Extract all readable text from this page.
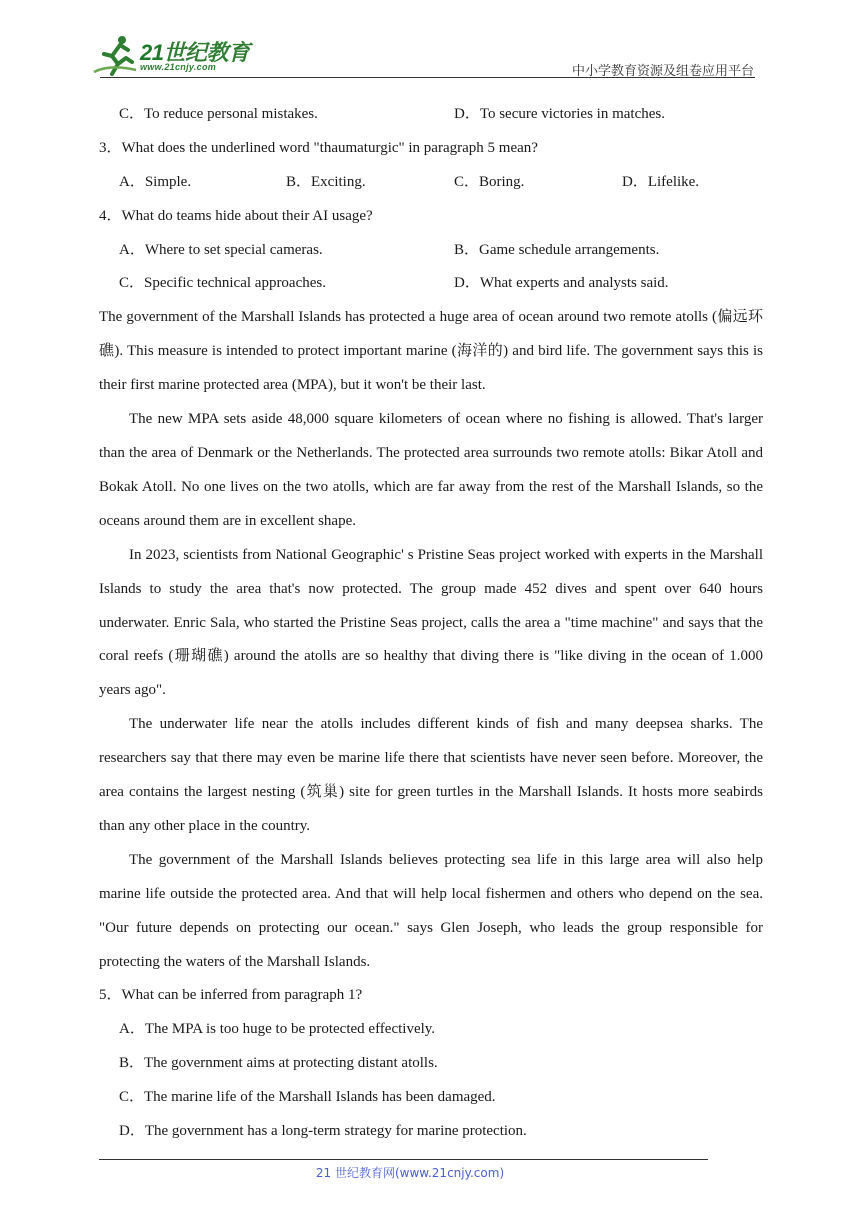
21世纪教育
www.21cnjy.com	中小学教育资源及组卷应用平台
C．To reduce personal mistakes.	D．To secure victories in matches.
3．What does the underlined word "thaumaturgic" in paragraph 5 mean?
A．Simple.	B．Exciting.	C．Boring.	D．Lifelike.
4．What do teams hide about their AI usage?
A．Where to set special cameras.	B．Game schedule arrangements.
C．Specific technical approaches.	D．What experts and analysts said.
The government of the Marshall Islands has protected a huge area of ocean around two remote atolls (偏远环礁). This measure is intended to protect important marine (海洋的) and bird life. The government says this is their first marine protected area (MPA), but it won't be their last.
The new MPA sets aside 48,000 square kilometers of ocean where no fishing is allowed. That's larger than the area of Denmark or the Netherlands. The protected area surrounds two remote atolls: Bikar Atoll and Bokak Atoll. No one lives on the two atolls, which are far away from the rest of the Marshall Islands, so the oceans around them are in excellent shape.
In 2023, scientists from National Geographic' s Pristine Seas project worked with experts in the Marshall Islands to study the area that's now protected. The group made 452 dives and spent over 640 hours underwater. Enric Sala, who started the Pristine Seas project, calls the area a "time machine" and says that the coral reefs (珊瑚礁) around the atolls are so healthy that diving there is "like diving in the ocean of 1.000 years ago".
The underwater life near the atolls includes different kinds of fish and many deepsea sharks. The researchers say that there may even be marine life there that scientists have never seen before. Moreover, the area contains the largest nesting (筑巢) site for green turtles in the Marshall Islands. It hosts more seabirds than any other place in the country.
The government of the Marshall Islands believes protecting sea life in this large area will also help marine life outside the protected area. And that will help local fishermen and others who depend on the sea. "Our future depends on protecting our ocean." says Glen Joseph, who leads the group responsible for protecting the waters of the Marshall Islands.
5．What can be inferred from paragraph 1?
A．The MPA is too huge to be protected effectively.
B．The government aims at protecting distant atolls.
C．The marine life of the Marshall Islands has been damaged.
D．The government has a long-term strategy for marine protection.
21 世纪教育网(www.21cnjy.com)
